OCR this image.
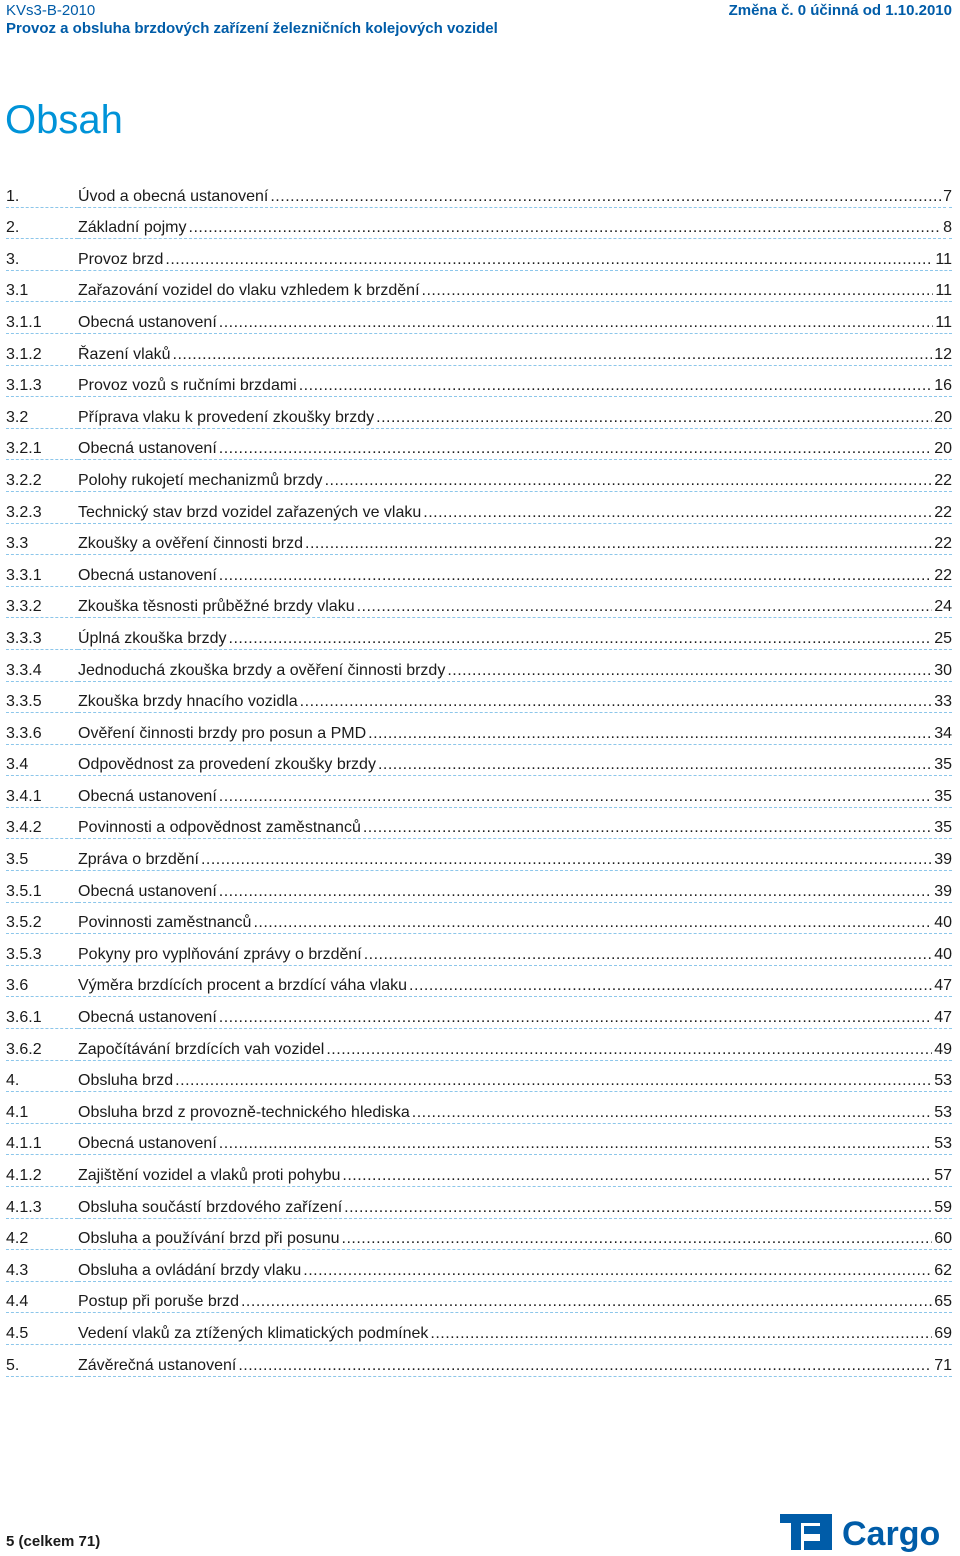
KVs3-B-2010
Provoz a obsluha brzdových zařízení železničních kolejových vozidel
Změna č. 0 účinná od 1.10.2010
Obsah
1.	Úvod a obecná ustanovení .....	7
2.	Základní pojmy .....	8
3.	Provoz brzd .....	11
3.1	Zařazování vozidel do vlaku vzhledem k brzdění .....	11
3.1.1	Obecná ustanovení .....	11
3.1.2	Řazení vlaků .....	12
3.1.3	Provoz vozů s ručními brzdami .....	16
3.2	Příprava vlaku k provedení zkoušky brzdy .....	20
3.2.1	Obecná ustanovení .....	20
3.2.2	Polohy rukojetí mechanizmů brzdy .....	22
3.2.3	Technický stav brzd vozidel zařazených ve vlaku .....	22
3.3	Zkoušky a ověření činnosti brzd .....	22
3.3.1	Obecná ustanovení .....	22
3.3.2	Zkouška těsnosti průběžné brzdy vlaku .....	24
3.3.3	Úplná zkouška brzdy .....	25
3.3.4	Jednoduchá zkouška brzdy a ověření činnosti brzdy .....	30
3.3.5	Zkouška brzdy hnacího vozidla .....	33
3.3.6	Ověření činnosti brzdy pro posun a PMD .....	34
3.4	Odpovědnost za provedení zkoušky brzdy .....	35
3.4.1	Obecná ustanovení .....	35
3.4.2	Povinnosti a odpovědnost zaměstnanců .....	35
3.5	Zpráva o brzdění .....	39
3.5.1	Obecná ustanovení .....	39
3.5.2	Povinnosti zaměstnanců .....	40
3.5.3	Pokyny pro vyplňování zprávy o brzdění .....	40
3.6	Výměra brzdících procent a brzdící váha vlaku .....	47
3.6.1	Obecná ustanovení .....	47
3.6.2	Započítávání brzdících vah vozidel .....	49
4.	Obsluha brzd .....	53
4.1	Obsluha brzd z provozně-technického hlediska .....	53
4.1.1	Obecná ustanovení .....	53
4.1.2	Zajištění vozidel a vlaků proti pohybu .....	57
4.1.3	Obsluha součástí brzdového zařízení .....	59
4.2	Obsluha a používání brzd při posunu .....	60
4.3	Obsluha a ovládání brzdy vlaku .....	62
4.4	Postup při poruše brzd .....	65
4.5	Vedení vlaků za ztížených klimatických podmínek .....	69
5.	Závěrečná ustanovení .....	71
5 (celkem 71)	Cargo
